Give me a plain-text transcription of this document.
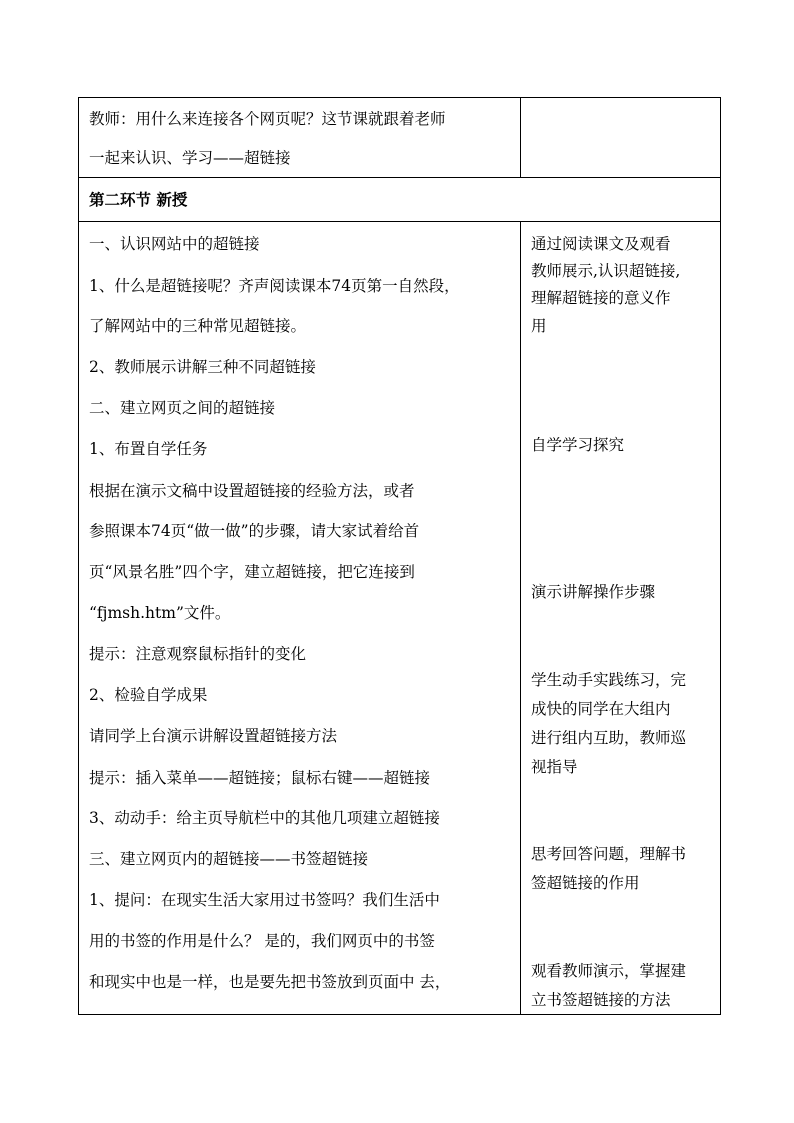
教师：用什么来连接各个网页呢？这节课就跟着老师
一起来认识、学习——超链接
第二环节 新授
一、认识网站中的超链接
1、什么是超链接呢？齐声阅读课本74页第一自然段，
了解网站中的三种常见超链接。
2、教师展示讲解三种不同超链接
二、建立网页之间的超链接
1、布置自学任务
根据在演示文稿中设置超链接的经验方法，或者
参照课本74页“做一做”的步骤，请大家试着给首
页“风景名胜”四个字，建立超链接，把它连接到
“fjmsh.htm”文件。
提示：注意观察鼠标指针的变化
2、检验自学成果
请同学上台演示讲解设置超链接方法
提示：插入菜单——超链接；鼠标右键——超链接
3、动动手：给主页导航栏中的其他几项建立超链接
三、建立网页内的超链接——书签超链接
1、提问：在现实生活大家用过书签吗？我们生活中
用的书签的作用是什么？ 是的，我们网页中的书签
和现实中也是一样，也是要先把书签放到页面中 去，
通过阅读课文及观看
教师展示,认识超链接,
理解超链接的意义作
用
自学学习探究
演示讲解操作步骤
学生动手实践练习，完
成快的同学在大组内
进行组内互助，教师巡
视指导
思考回答问题，理解书
签超链接的作用
观看教师演示，掌握建
立书签超链接的方法
